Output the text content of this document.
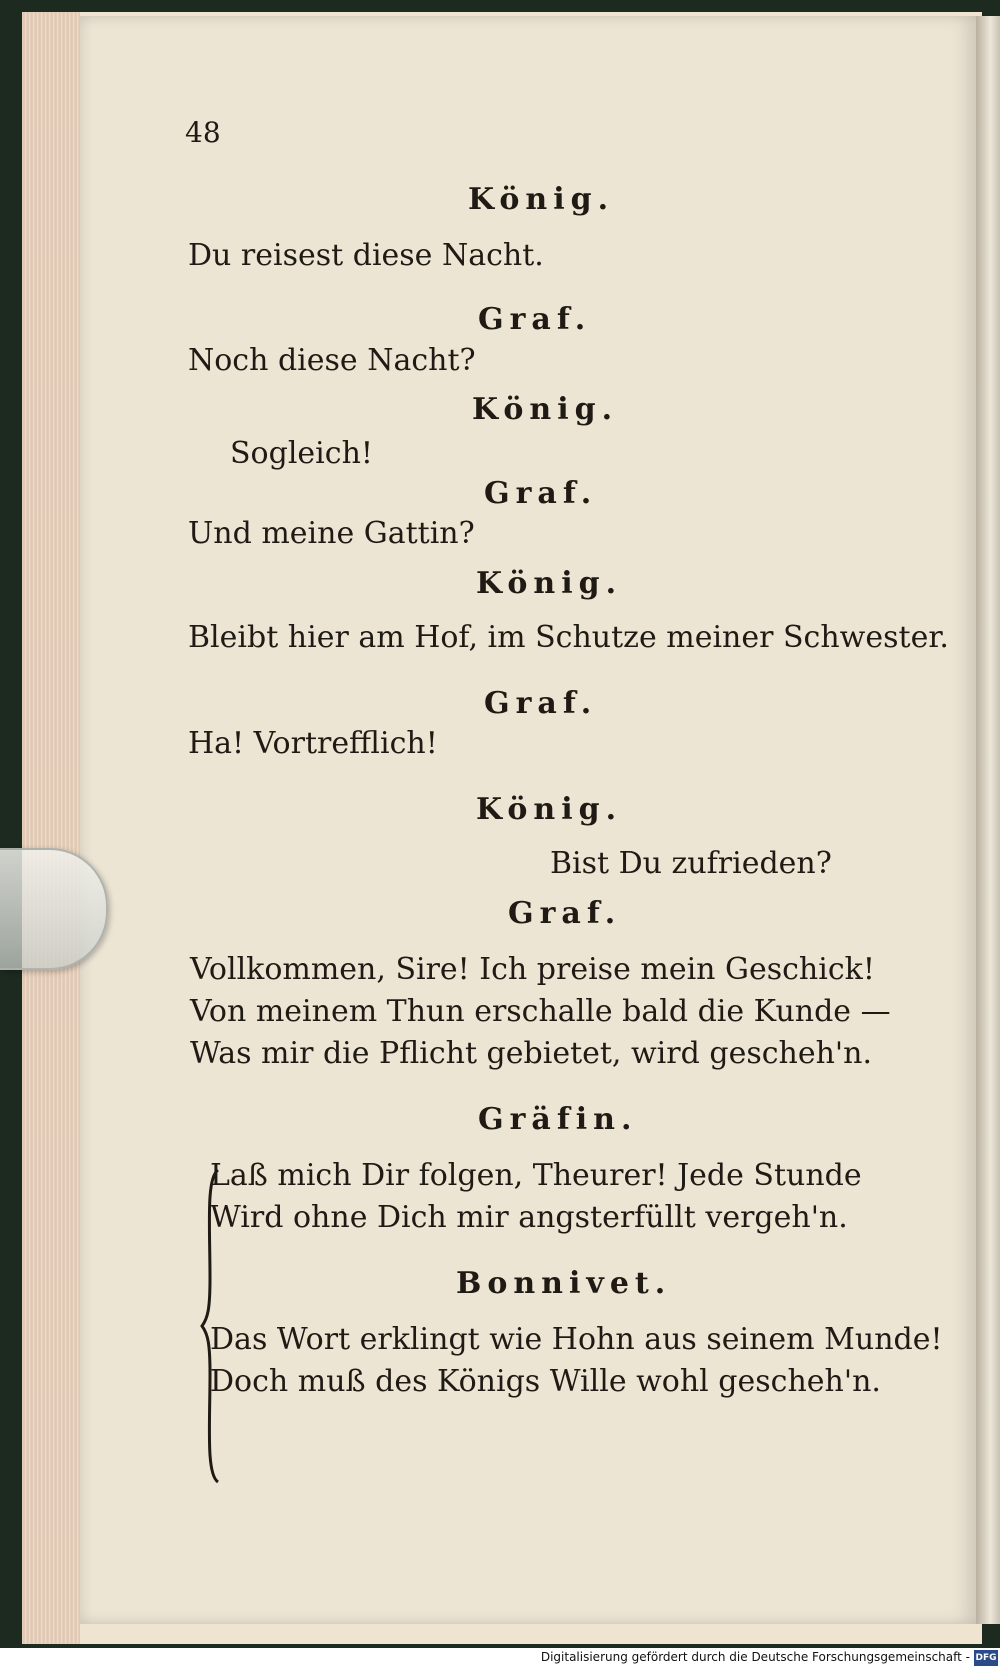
48
König.
Du reisest diese Nacht.
Graf.
Noch diese Nacht?
König.
Sogleich!
Graf.
Und meine Gattin?
König.
Bleibt hier am Hof, im Schutze meiner Schwester.
Graf.
Ha! Vortrefflich!
König.
Bist Du zufrieden?
Graf.
Vollkommen, Sire! Ich preise mein Geschick!
Von meinem Thun erschalle bald die Kunde —
Was mir die Pflicht gebietet, wird gescheh'n.
Gräfin.
Laß mich Dir folgen, Theurer! Jede Stunde
Wird ohne Dich mir angsterfüllt vergeh'n.
Bonnivet.
Das Wort erklingt wie Hohn aus seinem Munde!
Doch muß des Königs Wille wohl gescheh'n.
Digitalisierung gefördert durch die Deutsche Forschungsgemeinschaft - DFG
